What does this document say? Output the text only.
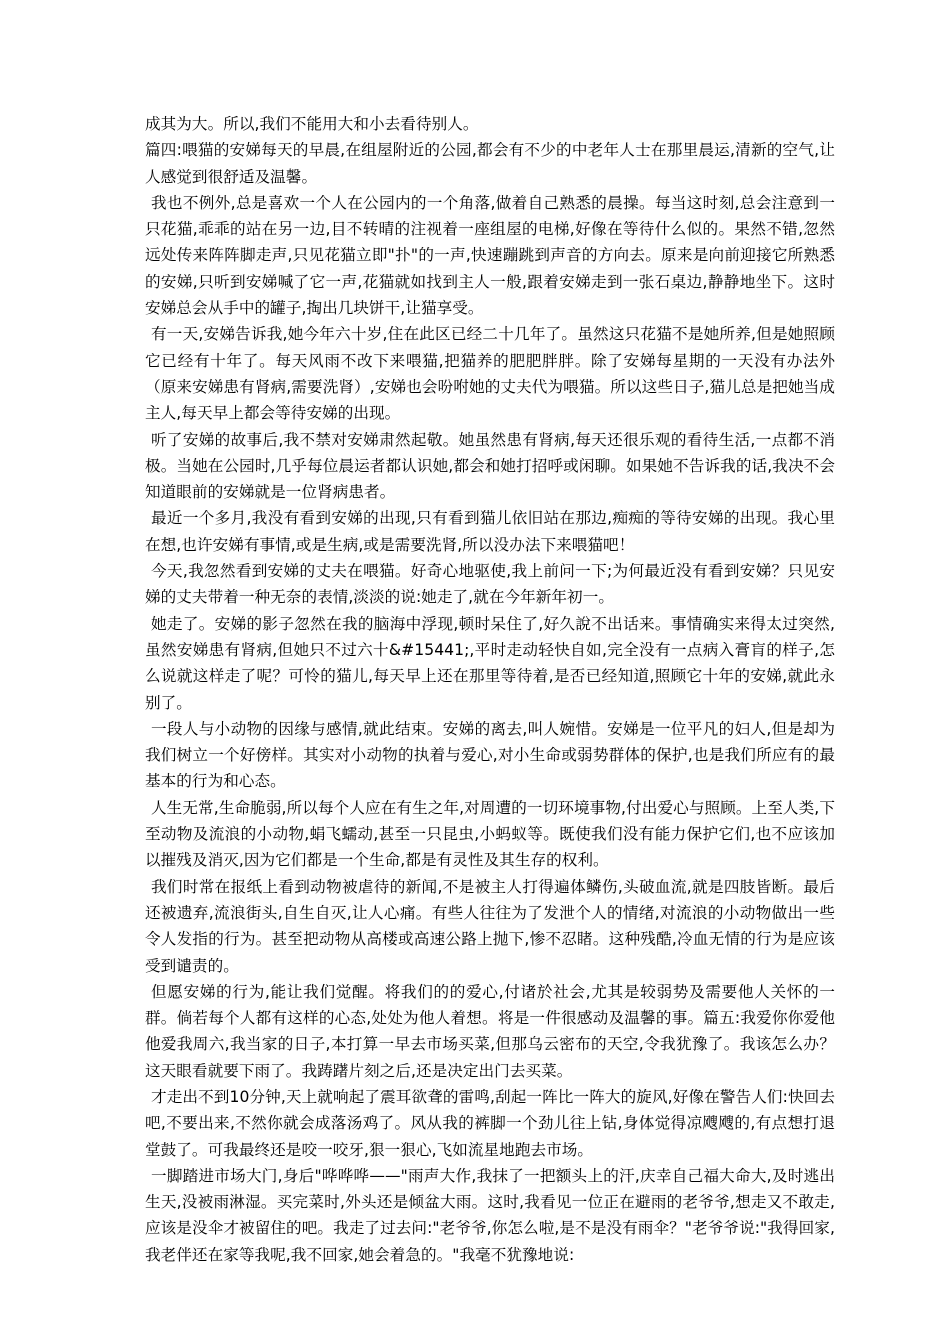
成其为大。所以,我们不能用大和小去看待别人。

篇四:喂猫的安娣每天的早晨,在组屋附近的公园,都会有不少的中老年人士在那里晨运,清新的空气,让人感觉到很舒适及温馨。

我也不例外,总是喜欢一个人在公园内的一个角落,做着自己熟悉的晨操。每当这时刻,总会注意到一只花猫,乖乖的站在另一边,目不转晴的注视着一座组屋的电梯,好像在等待什么似的。果然不错,忽然远处传来阵阵脚走声,只见花猫立即"扑"的一声,快速蹦跳到声音的方向去。原来是向前迎接它所熟悉的安娣,只听到安娣喊了它一声,花猫就如找到主人一般,跟着安娣走到一张石桌边,静静地坐下。这时安娣总会从手中的罐子,掏出几块饼干,让猫享受。

有一天,安娣告诉我,她今年六十岁,住在此区已经二十几年了。虽然这只花猫不是她所养,但是她照顾它已经有十年了。每天风雨不改下来喂猫,把猫养的肥肥胖胖。除了安娣每星期的一天没有办法外（原来安娣患有肾病,需要洗肾）,安娣也会吩咐她的丈夫代为喂猫。所以这些日子,猫儿总是把她当成主人,每天早上都会等待安娣的出现。

听了安娣的故事后,我不禁对安娣肃然起敬。她虽然患有肾病,每天还很乐观的看待生活,一点都不消极。当她在公园时,几乎每位晨运者都认识她,都会和她打招呼或闲聊。如果她不告诉我的话,我决不会知道眼前的安娣就是一位肾病患者。

最近一个多月,我没有看到安娣的出现,只有看到猫儿依旧站在那边,痴痴的等待安娣的出现。我心里在想,也许安娣有事情,或是生病,或是需要洗肾,所以没办法下来喂猫吧！

今天,我忽然看到安娣的丈夫在喂猫。好奇心地驱使,我上前问一下;为何最近没有看到安娣？只见安娣的丈夫带着一种无奈的表情,淡淡的说:她走了,就在今年新年初一。

她走了。安娣的影子忽然在我的脑海中浮现,顿时呆住了,好久說不出话来。事情确实来得太过突然,虽然安娣患有肾病,但她只不过六十&#15441;,平时走动轻快自如,完全没有一点病入膏肓的样子,怎么说就这样走了呢？可怜的猫儿,每天早上还在那里等待着,是否已经知道,照顾它十年的安娣,就此永别了。

一段人与小动物的因缘与感情,就此结束。安娣的离去,叫人婉惜。安娣是一位平凡的妇人,但是却为我们树立一个好傍样。其实对小动物的执着与爱心,对小生命或弱势群体的保护,也是我们所应有的最基本的行为和心态。

人生无常,生命脆弱,所以每个人应在有生之年,对周遭的一切环境事物,付出爱心与照顾。上至人类,下至动物及流浪的小动物,蜎飞蠕动,甚至一只昆虫,小蚂蚁等。既使我们没有能力保护它们,也不应该加以摧残及消灭,因为它们都是一个生命,都是有灵性及其生存的权利。

我们时常在报纸上看到动物被虐待的新闻,不是被主人打得遍体鳞伤,头破血流,就是四肢皆断。最后还被遗弃,流浪街头,自生自灭,让人心痛。有些人往往为了发泄个人的情绪,对流浪的小动物做出一些令人发指的行为。甚至把动物从高楼或高速公路上抛下,惨不忍睹。这种残酷,冷血无情的行为是应该受到谴责的。

但愿安娣的行为,能让我们觉醒。将我们的的爱心,付诸於社会,尤其是较弱势及需要他人关怀的一群。倘若每个人都有这样的心态,处处为他人着想。将是一件很感动及温馨的事。篇五:我爱你你爱他他爱我周六,我当家的日子,本打算一早去市场买菜,但那乌云密布的天空,令我犹豫了。我该怎么办？这天眼看就要下雨了。我踌躇片刻之后,还是决定出门去买菜。

才走出不到10分钟,天上就响起了震耳欲聋的雷鸣,刮起一阵比一阵大的旋风,好像在警告人们:快回去吧,不要出来,不然你就会成落汤鸡了。风从我的裤脚一个劲儿往上钻,身体觉得凉飕飕的,有点想打退堂鼓了。可我最终还是咬一咬牙,狠一狠心,飞如流星地跑去市场。

一脚踏进市场大门,身后"哗哗哗——"雨声大作,我抹了一把额头上的汗,庆幸自己福大命大,及时逃出生天,没被雨淋湿。买完菜时,外头还是倾盆大雨。这时,我看见一位正在避雨的老爷爷,想走又不敢走,应该是没伞才被留住的吧。我走了过去问:"老爷爷,你怎么啦,是不是没有雨伞？"老爷爷说:"我得回家,我老伴还在家等我呢,我不回家,她会着急的。"我毫不犹豫地说:
